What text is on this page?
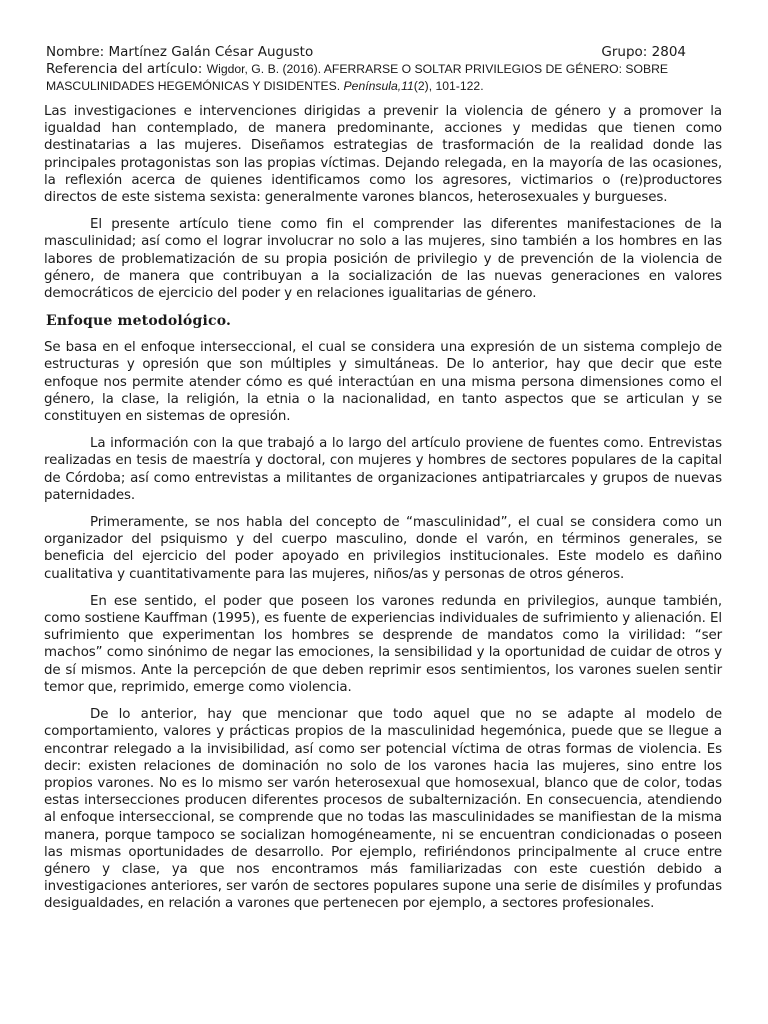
Nombre: Martínez Galán César Augusto	Grupo: 2804
Referencia del artículo: Wigdor, G. B. (2016). AFERRARSE O SOLTAR PRIVILEGIOS DE GÉNERO: SOBRE MASCULINIDADES HEGEMÓNICAS Y DISIDENTES. Península,11(2), 101-122.

Las investigaciones e intervenciones dirigidas a prevenir la violencia de género y a promover la igualdad han contemplado, de manera predominante, acciones y medidas que tienen como destinatarias a las mujeres. Diseñamos estrategias de trasformación de la realidad donde las principales protagonistas son las propias víctimas. Dejando relegada, en la mayoría de las ocasiones, la reflexión acerca de quienes identificamos como los agresores, victimarios o (re)productores directos de este sistema sexista: generalmente varones blancos, heterosexuales y burgueses.

El presente artículo tiene como fin el comprender las diferentes manifestaciones de la masculinidad; así como el lograr involucrar no solo a las mujeres, sino también a los hombres en las labores de problematización de su propia posición de privilegio y de prevención de la violencia de género, de manera que contribuyan a la socialización de las nuevas generaciones en valores democráticos de ejercicio del poder y en relaciones igualitarias de género.

Enfoque metodológico.

Se basa en el enfoque interseccional, el cual se considera una expresión de un sistema complejo de estructuras y opresión que son múltiples y simultáneas. De lo anterior, hay que decir que este enfoque nos permite atender cómo es qué interactúan en una misma persona dimensiones como el género, la clase, la religión, la etnia o la nacionalidad, en tanto aspectos que se articulan y se constituyen en sistemas de opresión.

La información con la que trabajó a lo largo del artículo proviene de fuentes como. Entrevistas realizadas en tesis de maestría y doctoral, con mujeres y hombres de sectores populares de la capital de Córdoba; así como entrevistas a militantes de organizaciones antipatriarcales y grupos de nuevas paternidades.

Primeramente, se nos habla del concepto de “masculinidad”, el cual se considera como un organizador del psiquismo y del cuerpo masculino, donde el varón, en términos generales, se beneficia del ejercicio del poder apoyado en privilegios institucionales. Este modelo es dañino cualitativa y cuantitativamente para las mujeres, niños/as y personas de otros géneros.

En ese sentido, el poder que poseen los varones redunda en privilegios, aunque también, como sostiene Kauffman (1995), es fuente de experiencias individuales de sufrimiento y alienación. El sufrimiento que experimentan los hombres se desprende de mandatos como la virilidad: “ser machos” como sinónimo de negar las emociones, la sensibilidad y la oportunidad de cuidar de otros y de sí mismos. Ante la percepción de que deben reprimir esos sentimientos, los varones suelen sentir temor que, reprimido, emerge como violencia.

De lo anterior, hay que mencionar que todo aquel que no se adapte al modelo de comportamiento, valores y prácticas propios de la masculinidad hegemónica, puede que se llegue a encontrar relegado a la invisibilidad, así como ser potencial víctima de otras formas de violencia. Es decir: existen relaciones de dominación no solo de los varones hacia las mujeres, sino entre los propios varones. No es lo mismo ser varón heterosexual que homosexual, blanco que de color, todas estas intersecciones producen diferentes procesos de subalternización. En consecuencia, atendiendo al enfoque interseccional, se comprende que no todas las masculinidades se manifiestan de la misma manera, porque tampoco se socializan homogéneamente, ni se encuentran condicionadas o poseen las mismas oportunidades de desarrollo. Por ejemplo, refiriéndonos principalmente al cruce entre género y clase, ya que nos encontramos más familiarizadas con este cuestión debido a investigaciones anteriores, ser varón de sectores populares supone una serie de disímiles y profundas desigualdades, en relación a varones que pertenecen por ejemplo, a sectores profesionales.
